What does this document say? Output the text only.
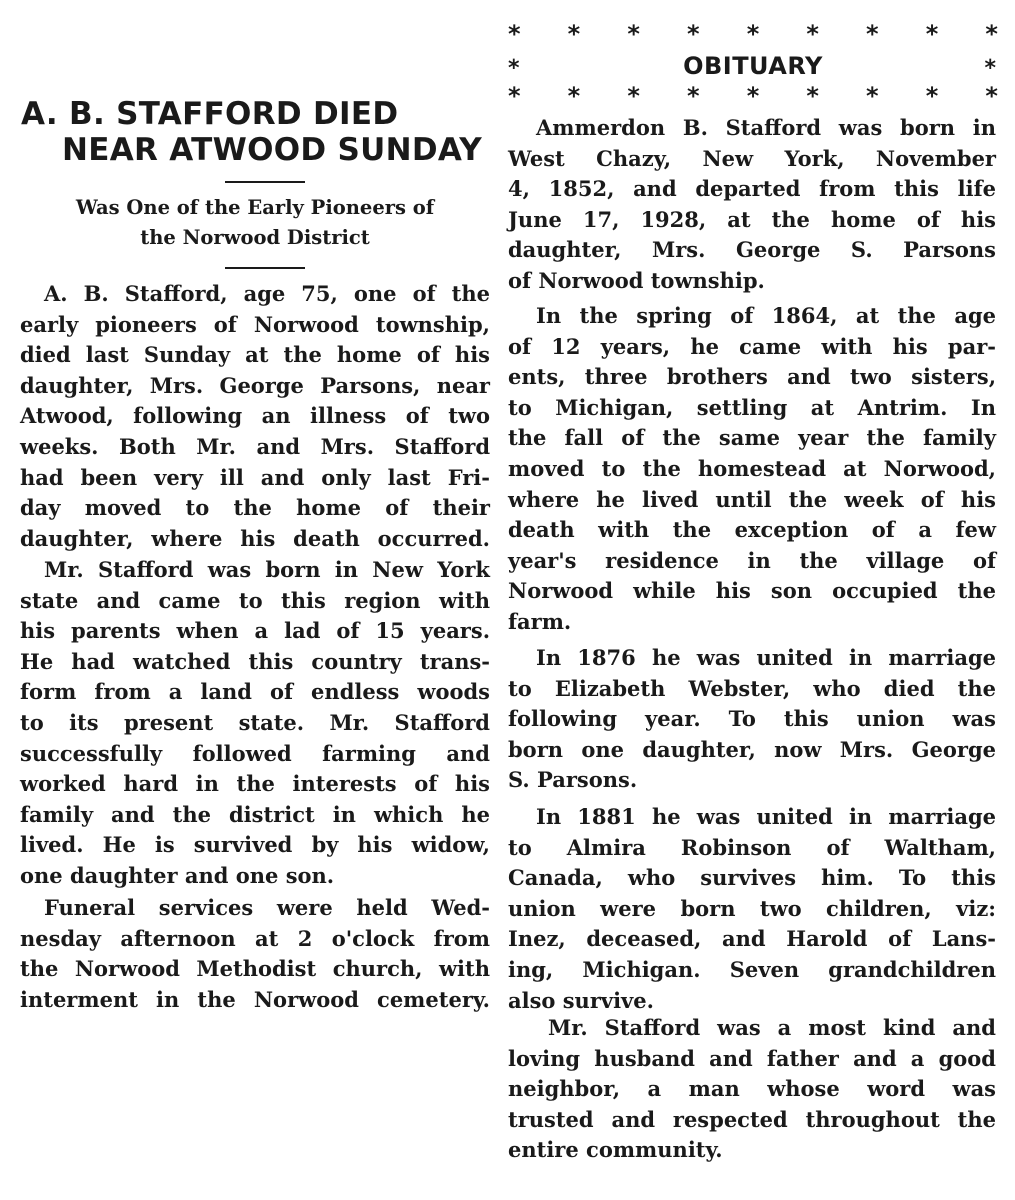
A. B. STAFFORD DIED
NEAR ATWOOD SUNDAY
Was One of the Early Pioneers of
the Norwood District
A. B. Stafford, age 75, one of the
early pioneers of Norwood township,
died last Sunday at the home of his
daughter, Mrs. George Parsons, near
Atwood, following an illness of two
weeks. Both Mr. and Mrs. Stafford
had been very ill and only last Fri-
day moved to the home of their
daughter, where his death occurred.
Mr. Stafford was born in New York
state and came to this region with
his parents when a lad of 15 years.
He had watched this country trans-
form from a land of endless woods
to its present state. Mr. Stafford
successfully followed farming and
worked hard in the interests of his
family and the district in which he
lived. He is survived by his widow,
one daughter and one son.
Funeral services were held Wed-
nesday afternoon at 2 o'clock from
the Norwood Methodist church, with
interment in the Norwood cemetery.
* * * * * * * * *
*	OBITUARY	*
* * * * * * * * *
Ammerdon B. Stafford was born in
West Chazy, New York, November
4, 1852, and departed from this life
June 17, 1928, at the home of his
daughter, Mrs. George S. Parsons
of Norwood township.
In the spring of 1864, at the age
of 12 years, he came with his par-
ents, three brothers and two sisters,
to Michigan, settling at Antrim. In
the fall of the same year the family
moved to the homestead at Norwood,
where he lived until the week of his
death with the exception of a few
year's residence in the village of
Norwood while his son occupied the
farm.
In 1876 he was united in marriage
to Elizabeth Webster, who died the
following year. To this union was
born one daughter, now Mrs. George
S. Parsons.
In 1881 he was united in marriage
to Almira Robinson of Waltham,
Canada, who survives him. To this
union were born two children, viz:
Inez, deceased, and Harold of Lans-
ing, Michigan. Seven grandchildren
also survive.
Mr. Stafford was a most kind and
loving husband and father and a good
neighbor, a man whose word was
trusted and respected throughout the
entire community.
